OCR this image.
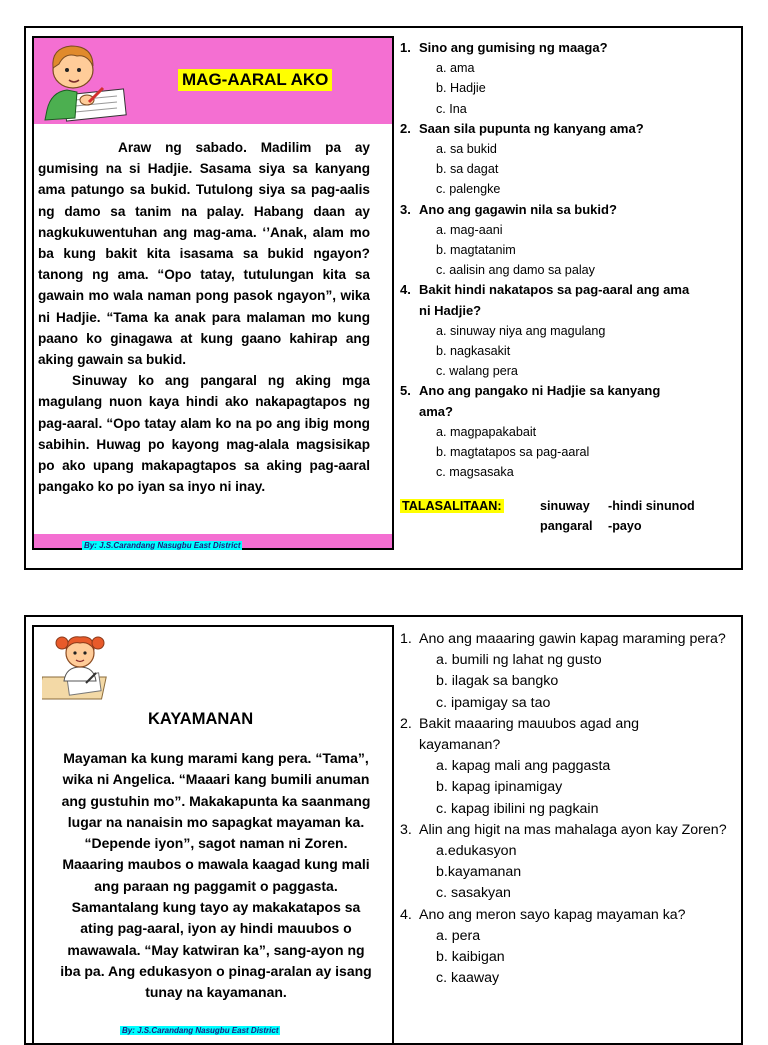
MAG-AARAL AKO

Araw ng sabado. Madilim pa ay gumising na si Hadjie. Sasama siya sa kanyang ama patungo sa bukid. Tutulong siya sa pag-aalis ng damo sa tanim na palay. Habang daan ay nagkukuwentuhan ang mag-ama. ‘’Anak, alam mo ba kung bakit kita isasama sa bukid ngayon? tanong ng ama. “Opo tatay, tutulungan kita sa gawain mo wala naman pong pasok ngayon”, wika ni Hadjie. “Tama ka anak para malaman mo kung paano ko ginagawa at kung gaano kahirap ang aking gawain sa bukid.

Sinuway ko ang pangaral ng aking mga magulang nuon kaya hindi ako nakapagtapos ng pag-aaral. “Opo tatay alam ko na po ang ibig mong sabihin. Huwag po kayong mag-alala magsisikap po ako upang makapagtapos sa aking pag-aaral pangako ko po iyan sa inyo ni inay.

By: J.S.Carandang Nasugbu East District
1. Sino ang gumising ng maaga?
a. ama
b. Hadjie
c. Ina
2. Saan sila pupunta ng kanyang ama?
a. sa bukid
b. sa dagat
c. palengke
3. Ano ang gagawin nila sa bukid?
a. mag-aani
b. magtatanim
c. aalisin ang damo sa palay
4. Bakit hindi nakatapos sa pag-aaral ang ama ni Hadjie?
a. sinuway niya ang magulang
b. nagkasakit
c. walang pera
5. Ano ang pangako ni Hadjie sa kanyang ama?
a. magpapakabait
b. magtatapos sa pag-aaral
c. magsasaka
TALASALITAAN:	sinuway -hindi sinunod
pangaral -payo
KAYAMANAN
Mayaman ka kung marami kang pera. “Tama”, wika ni Angelica. “Maaari kang bumili anuman ang gustuhin mo”. Makakapunta ka saanmang lugar na nanaisin mo sapagkat mayaman ka. “Depende iyon”, sagot naman ni Zoren. Maaaring maubos o mawala kaagad kung mali ang paraan ng paggamit o paggasta. Samantalang kung tayo ay makakatapos sa ating pag-aaral, iyon ay hindi mauubos o mawawala. “May katwiran ka”, sang-ayon ng iba pa. Ang edukasyon o pinag-aralan ay isang tunay na kayamanan.
By: J.S.Carandang Nasugbu East District
1. Ano ang maaaring gawin kapag maraming pera?
a. bumili ng lahat ng gusto
b. ilagak sa bangko
c. ipamigay sa tao
2. Bakit maaaring mauubos agad ang kayamanan?
a. kapag mali ang paggasta
b. kapag ipinamigay
c. kapag ibilini ng pagkain
3. Alin ang higit na mas mahalaga ayon kay Zoren?
a.edukasyon
b.kayamanan
c. sasakyan
4. Ano ang meron sayo kapag mayaman ka?
a. pera
b. kaibigan
c. kaaway
